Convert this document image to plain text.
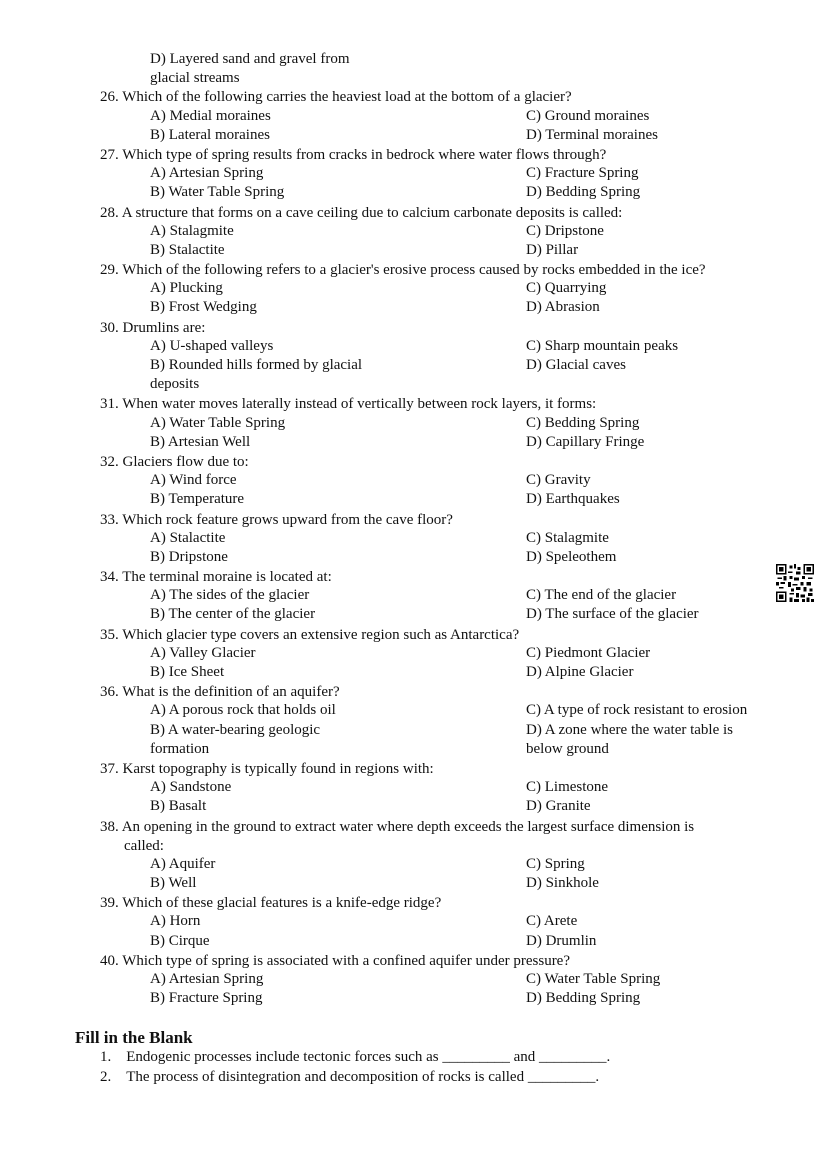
D) Layered sand and gravel from
glacial streams
26. Which of the following carries the heaviest load at the bottom of a glacier?
A) Medial moraines	C) Ground moraines
B) Lateral moraines	D) Terminal moraines
27. Which type of spring results from cracks in bedrock where water flows through?
A) Artesian Spring	C) Fracture Spring
B) Water Table Spring	D) Bedding Spring
28. A structure that forms on a cave ceiling due to calcium carbonate deposits is called:
A) Stalagmite	C) Dripstone
B) Stalactite	D) Pillar
29. Which of the following refers to a glacier's erosive process caused by rocks embedded in the ice?
A) Plucking	C) Quarrying
B) Frost Wedging	D) Abrasion
30. Drumlins are:
A) U-shaped valleys	C) Sharp mountain peaks
B) Rounded hills formed by glacial	D) Glacial caves
deposits
31. When water moves laterally instead of vertically between rock layers, it forms:
A) Water Table Spring	C) Bedding Spring
B) Artesian Well	D) Capillary Fringe
32. Glaciers flow due to:
A) Wind force	C) Gravity
B) Temperature	D) Earthquakes
33. Which rock feature grows upward from the cave floor?
A) Stalactite	C) Stalagmite
B) Dripstone	D) Speleothem
34. The terminal moraine is located at:
A) The sides of the glacier	C) The end of the glacier
B) The center of the glacier	D) The surface of the glacier
35. Which glacier type covers an extensive region such as Antarctica?
A) Valley Glacier	C) Piedmont Glacier
B) Ice Sheet	D) Alpine Glacier
36. What is the definition of an aquifer?
A) A porous rock that holds oil	C) A type of rock resistant to erosion
B) A water-bearing geologic	D) A zone where the water table is
formation	below ground
37. Karst topography is typically found in regions with:
A) Sandstone	C) Limestone
B) Basalt	D) Granite
38. An opening in the ground to extract water where depth exceeds the largest surface dimension is
called:
A) Aquifer	C) Spring
B) Well	D) Sinkhole
39. Which of these glacial features is a knife-edge ridge?
A) Horn	C) Arete
B) Cirque	D) Drumlin
40. Which type of spring is associated with a confined aquifer under pressure?
A) Artesian Spring	C) Water Table Spring
B) Fracture Spring	D) Bedding Spring
Fill in the Blank
1. Endogenic processes include tectonic forces such as _________ and _________.
2. The process of disintegration and decomposition of rocks is called _________.
